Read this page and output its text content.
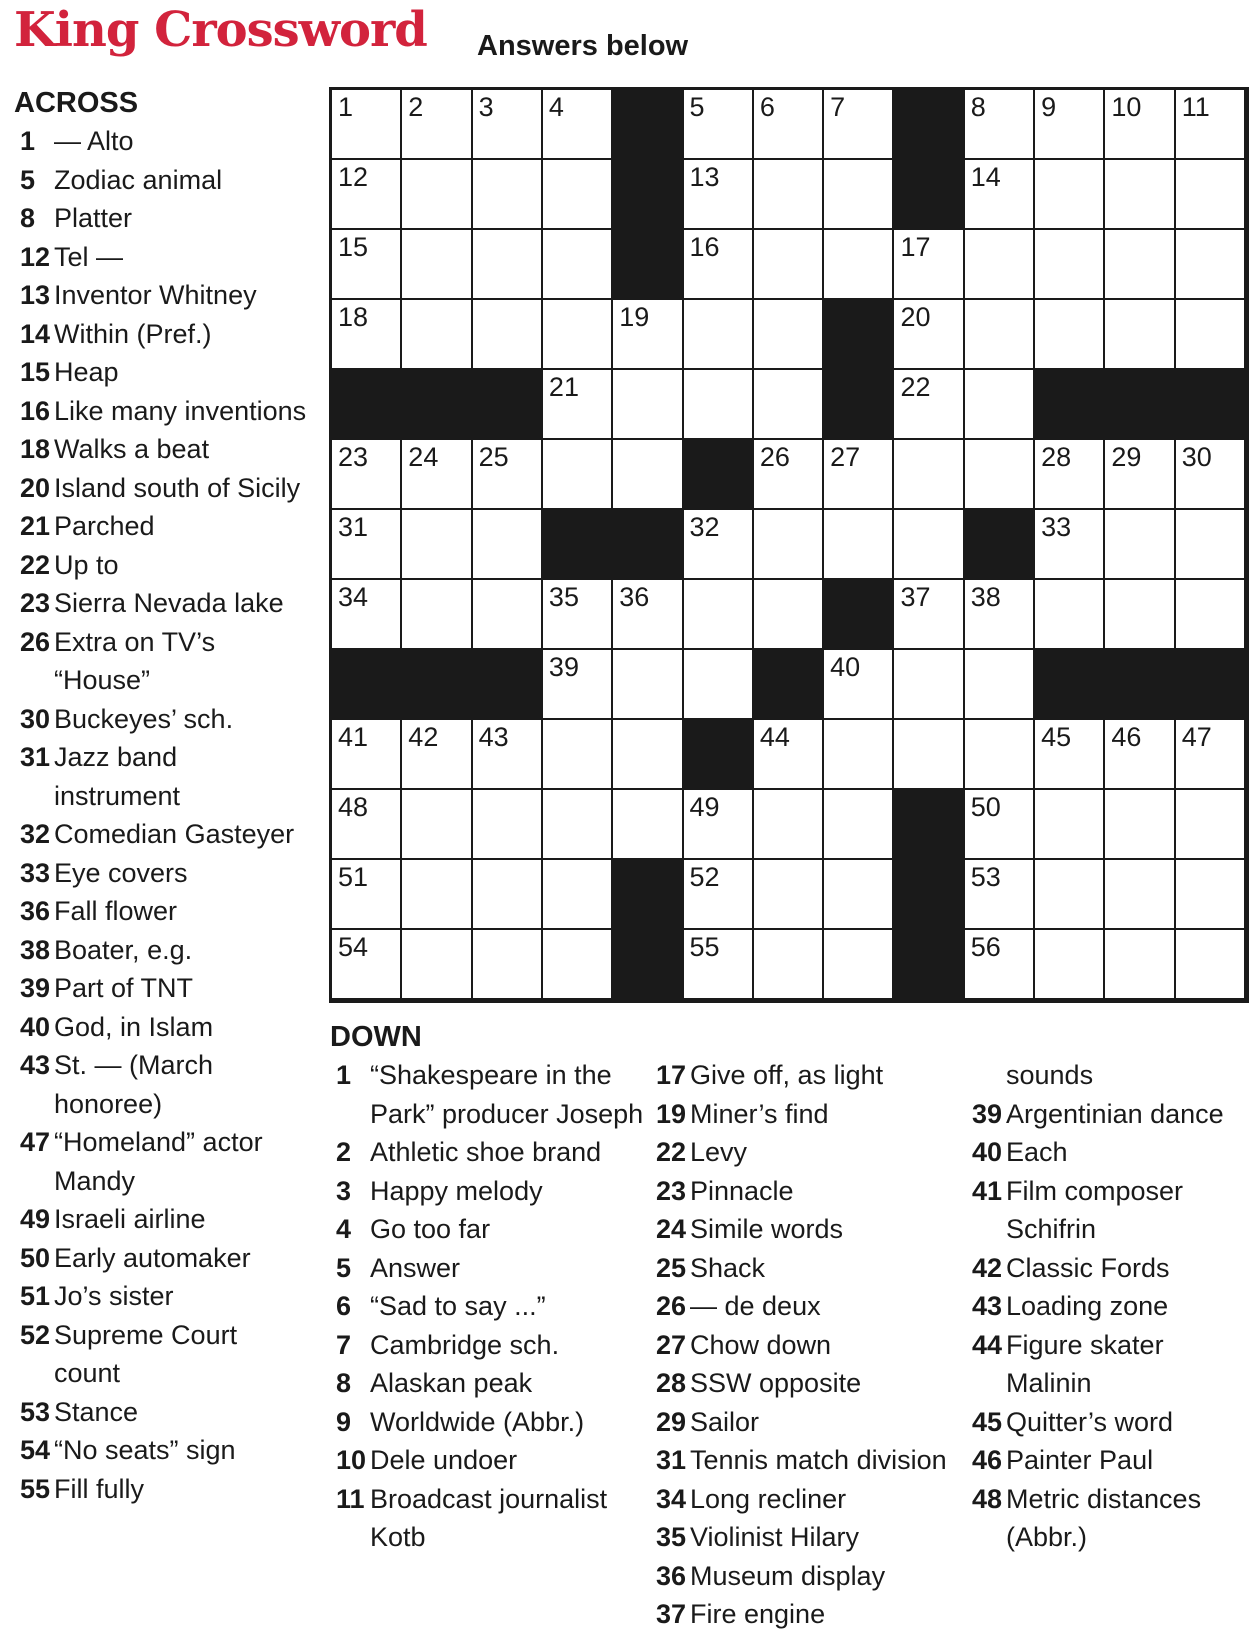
King Crossword Answers below
ACROSS
1 — Alto
5 Zodiac animal
8 Platter
12 Tel —
13 Inventor Whitney
14 Within (Pref.)
15 Heap
16 Like many inventions
18 Walks a beat
20 Island south of Sicily
21 Parched
22 Up to
23 Sierra Nevada lake
26 Extra on TV’s “House”
30 Buckeyes’ sch.
31 Jazz band instrument
32 Comedian Gasteyer
33 Eye covers
36 Fall flower
38 Boater, e.g.
39 Part of TNT
40 God, in Islam
43 St. — (March honoree)
47 “Homeland” actor Mandy
49 Israeli airline
50 Early automaker
51 Jo’s sister
52 Supreme Court count
53 Stance
54 “No seats” sign
55 Fill fully
1 2 3 4	5 6 7	8 9 10 11
12	13	14
15	16	17
18	19	20
21	22
23 24 25	26 27	28 29 30
31	32	33
34	35 36	37 38
39	40
41 42 43	44	45 46 47
48	49	50
51	52	53
54	55	56
DOWN
1 “Shakespeare in the Park” producer Joseph
2 Athletic shoe brand
3 Happy melody
4 Go too far
5 Answer
6 “Sad to say ...”
7 Cambridge sch.
8 Alaskan peak
9 Worldwide (Abbr.)
10 Dele undoer
11 Broadcast journalist Kotb
17 Give off, as light
19 Miner’s find
22 Levy
23 Pinnacle
24 Simile words
25 Shack
26 — de deux
27 Chow down
28 SSW opposite
29 Sailor
31 Tennis match division
34 Long recliner
35 Violinist Hilary
36 Museum display
37 Fire engine
sounds
39 Argentinian dance
40 Each
41 Film composer Schifrin
42 Classic Fords
43 Loading zone
44 Figure skater Malinin
45 Quitter’s word
46 Painter Paul
48 Metric distances (Abbr.)
